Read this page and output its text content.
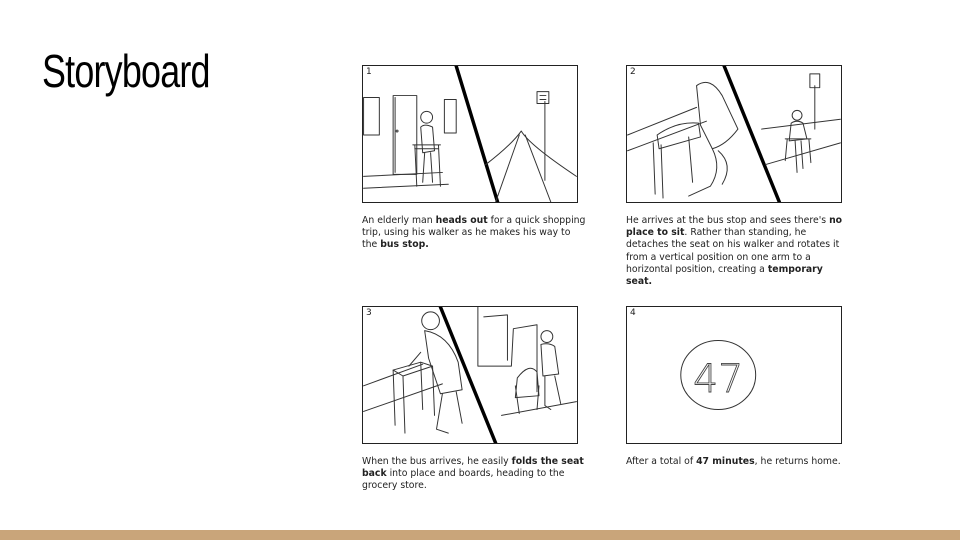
Storyboard	1
An elderly man heads out for a quick shopping trip, using his walker as he makes his way to the bus stop.
2
He arrives at the bus stop and sees there's no place to sit. Rather than standing, he detaches the seat on his walker and rotates it from a vertical position on one arm to a horizontal position, creating a temporary seat.
3
When the bus arrives, he easily folds the seat back into place and boards, heading to the grocery store.
4
47
After a total of 47 minutes, he returns home.
